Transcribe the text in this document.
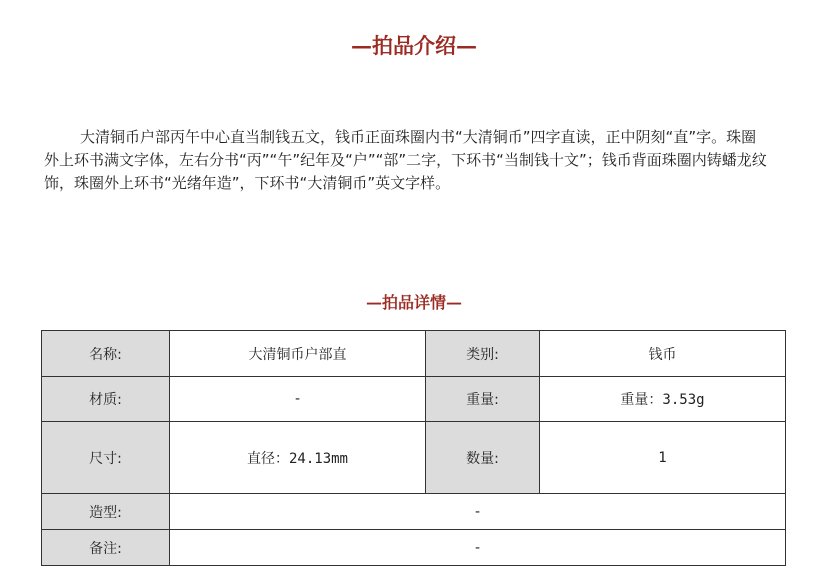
—拍品介绍—

大清铜币户部丙午中心直当制钱五文，钱币正面珠圈内书“大清铜币”四字直读，正中阴刻“直”字。珠圈外上环书满文字体，左右分书“丙”“午”纪年及“户”“部”二字，下环书“当制钱十文”；钱币背面珠圈内铸蟠龙纹饰，珠圈外上环书“光绪年造”，下环书“大清铜币”英文字样。

—拍品详情—
名称:	大清铜币户部直	类别:	钱币
材质:	-	重量:	重量：3.53g
尺寸:	直径：24.13mm	数量:	1
造型:	-		
备注:	-		
